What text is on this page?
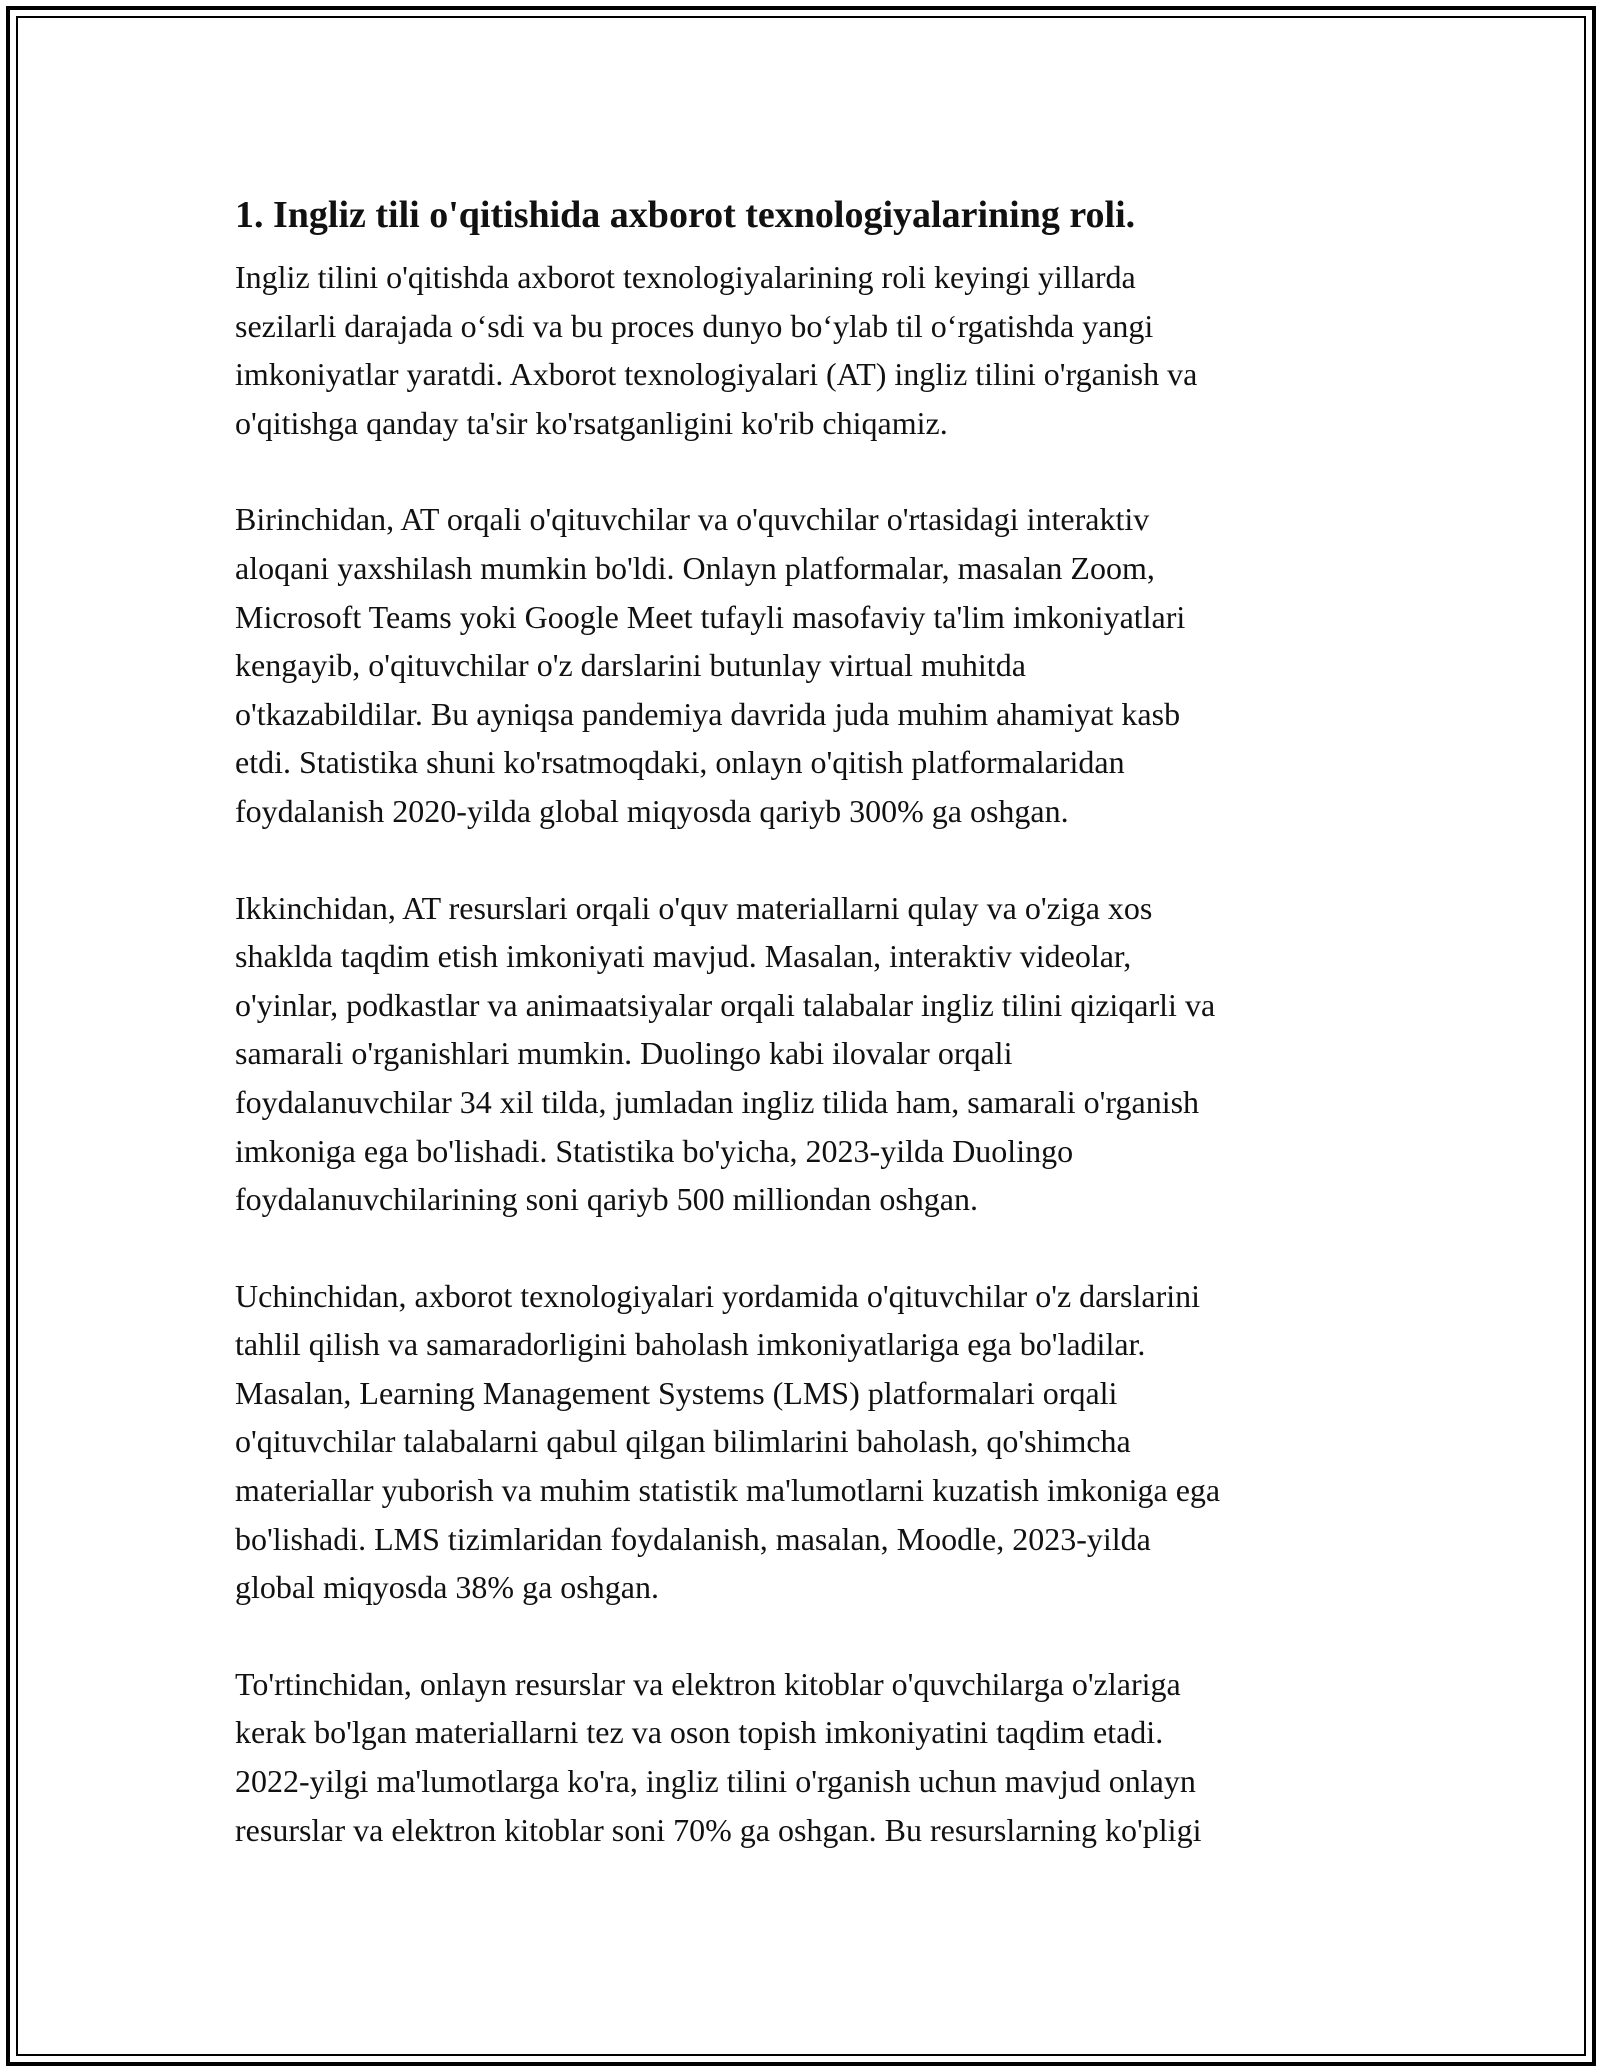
1. Ingliz tili o'qitishida axborot texnologiyalarining roli.
Ingliz tilini o'qitishda axborot texnologiyalarining roli keyingi yillarda
sezilarli darajada o‘sdi va bu proces dunyo bo‘ylab til o‘rgatishda yangi
imkoniyatlar yaratdi. Axborot texnologiyalari (AT) ingliz tilini o'rganish va
o'qitishga qanday ta'sir ko'rsatganligini ko'rib chiqamiz.
Birinchidan, AT orqali o'qituvchilar va o'quvchilar o'rtasidagi interaktiv
aloqani yaxshilash mumkin bo'ldi. Onlayn platformalar, masalan Zoom,
Microsoft Teams yoki Google Meet tufayli masofaviy ta'lim imkoniyatlari
kengayib, o'qituvchilar o'z darslarini butunlay virtual muhitda
o'tkazabildilar. Bu ayniqsa pandemiya davrida juda muhim ahamiyat kasb
etdi. Statistika shuni ko'rsatmoqdaki, onlayn o'qitish platformalaridan
foydalanish 2020-yilda global miqyosda qariyb 300% ga oshgan.
Ikkinchidan, AT resurslari orqali o'quv materiallarni qulay va o'ziga xos
shaklda taqdim etish imkoniyati mavjud. Masalan, interaktiv videolar,
o'yinlar, podkastlar va animaatsiyalar orqali talabalar ingliz tilini qiziqarli va
samarali o'rganishlari mumkin. Duolingo kabi ilovalar orqali
foydalanuvchilar 34 xil tilda, jumladan ingliz tilida ham, samarali o'rganish
imkoniga ega bo'lishadi. Statistika bo'yicha, 2023-yilda Duolingo
foydalanuvchilarining soni qariyb 500 milliondan oshgan.
Uchinchidan, axborot texnologiyalari yordamida o'qituvchilar o'z darslarini
tahlil qilish va samaradorligini baholash imkoniyatlariga ega bo'ladilar.
Masalan, Learning Management Systems (LMS) platformalari orqali
o'qituvchilar talabalarni qabul qilgan bilimlarini baholash, qo'shimcha
materiallar yuborish va muhim statistik ma'lumotlarni kuzatish imkoniga ega
bo'lishadi. LMS tizimlaridan foydalanish, masalan, Moodle, 2023-yilda
global miqyosda 38% ga oshgan.
To'rtinchidan, onlayn resurslar va elektron kitoblar o'quvchilarga o'zlariga
kerak bo'lgan materiallarni tez va oson topish imkoniyatini taqdim etadi.
2022-yilgi ma'lumotlarga ko'ra, ingliz tilini o'rganish uchun mavjud onlayn
resurslar va elektron kitoblar soni 70% ga oshgan. Bu resurslarning ko'pligi
